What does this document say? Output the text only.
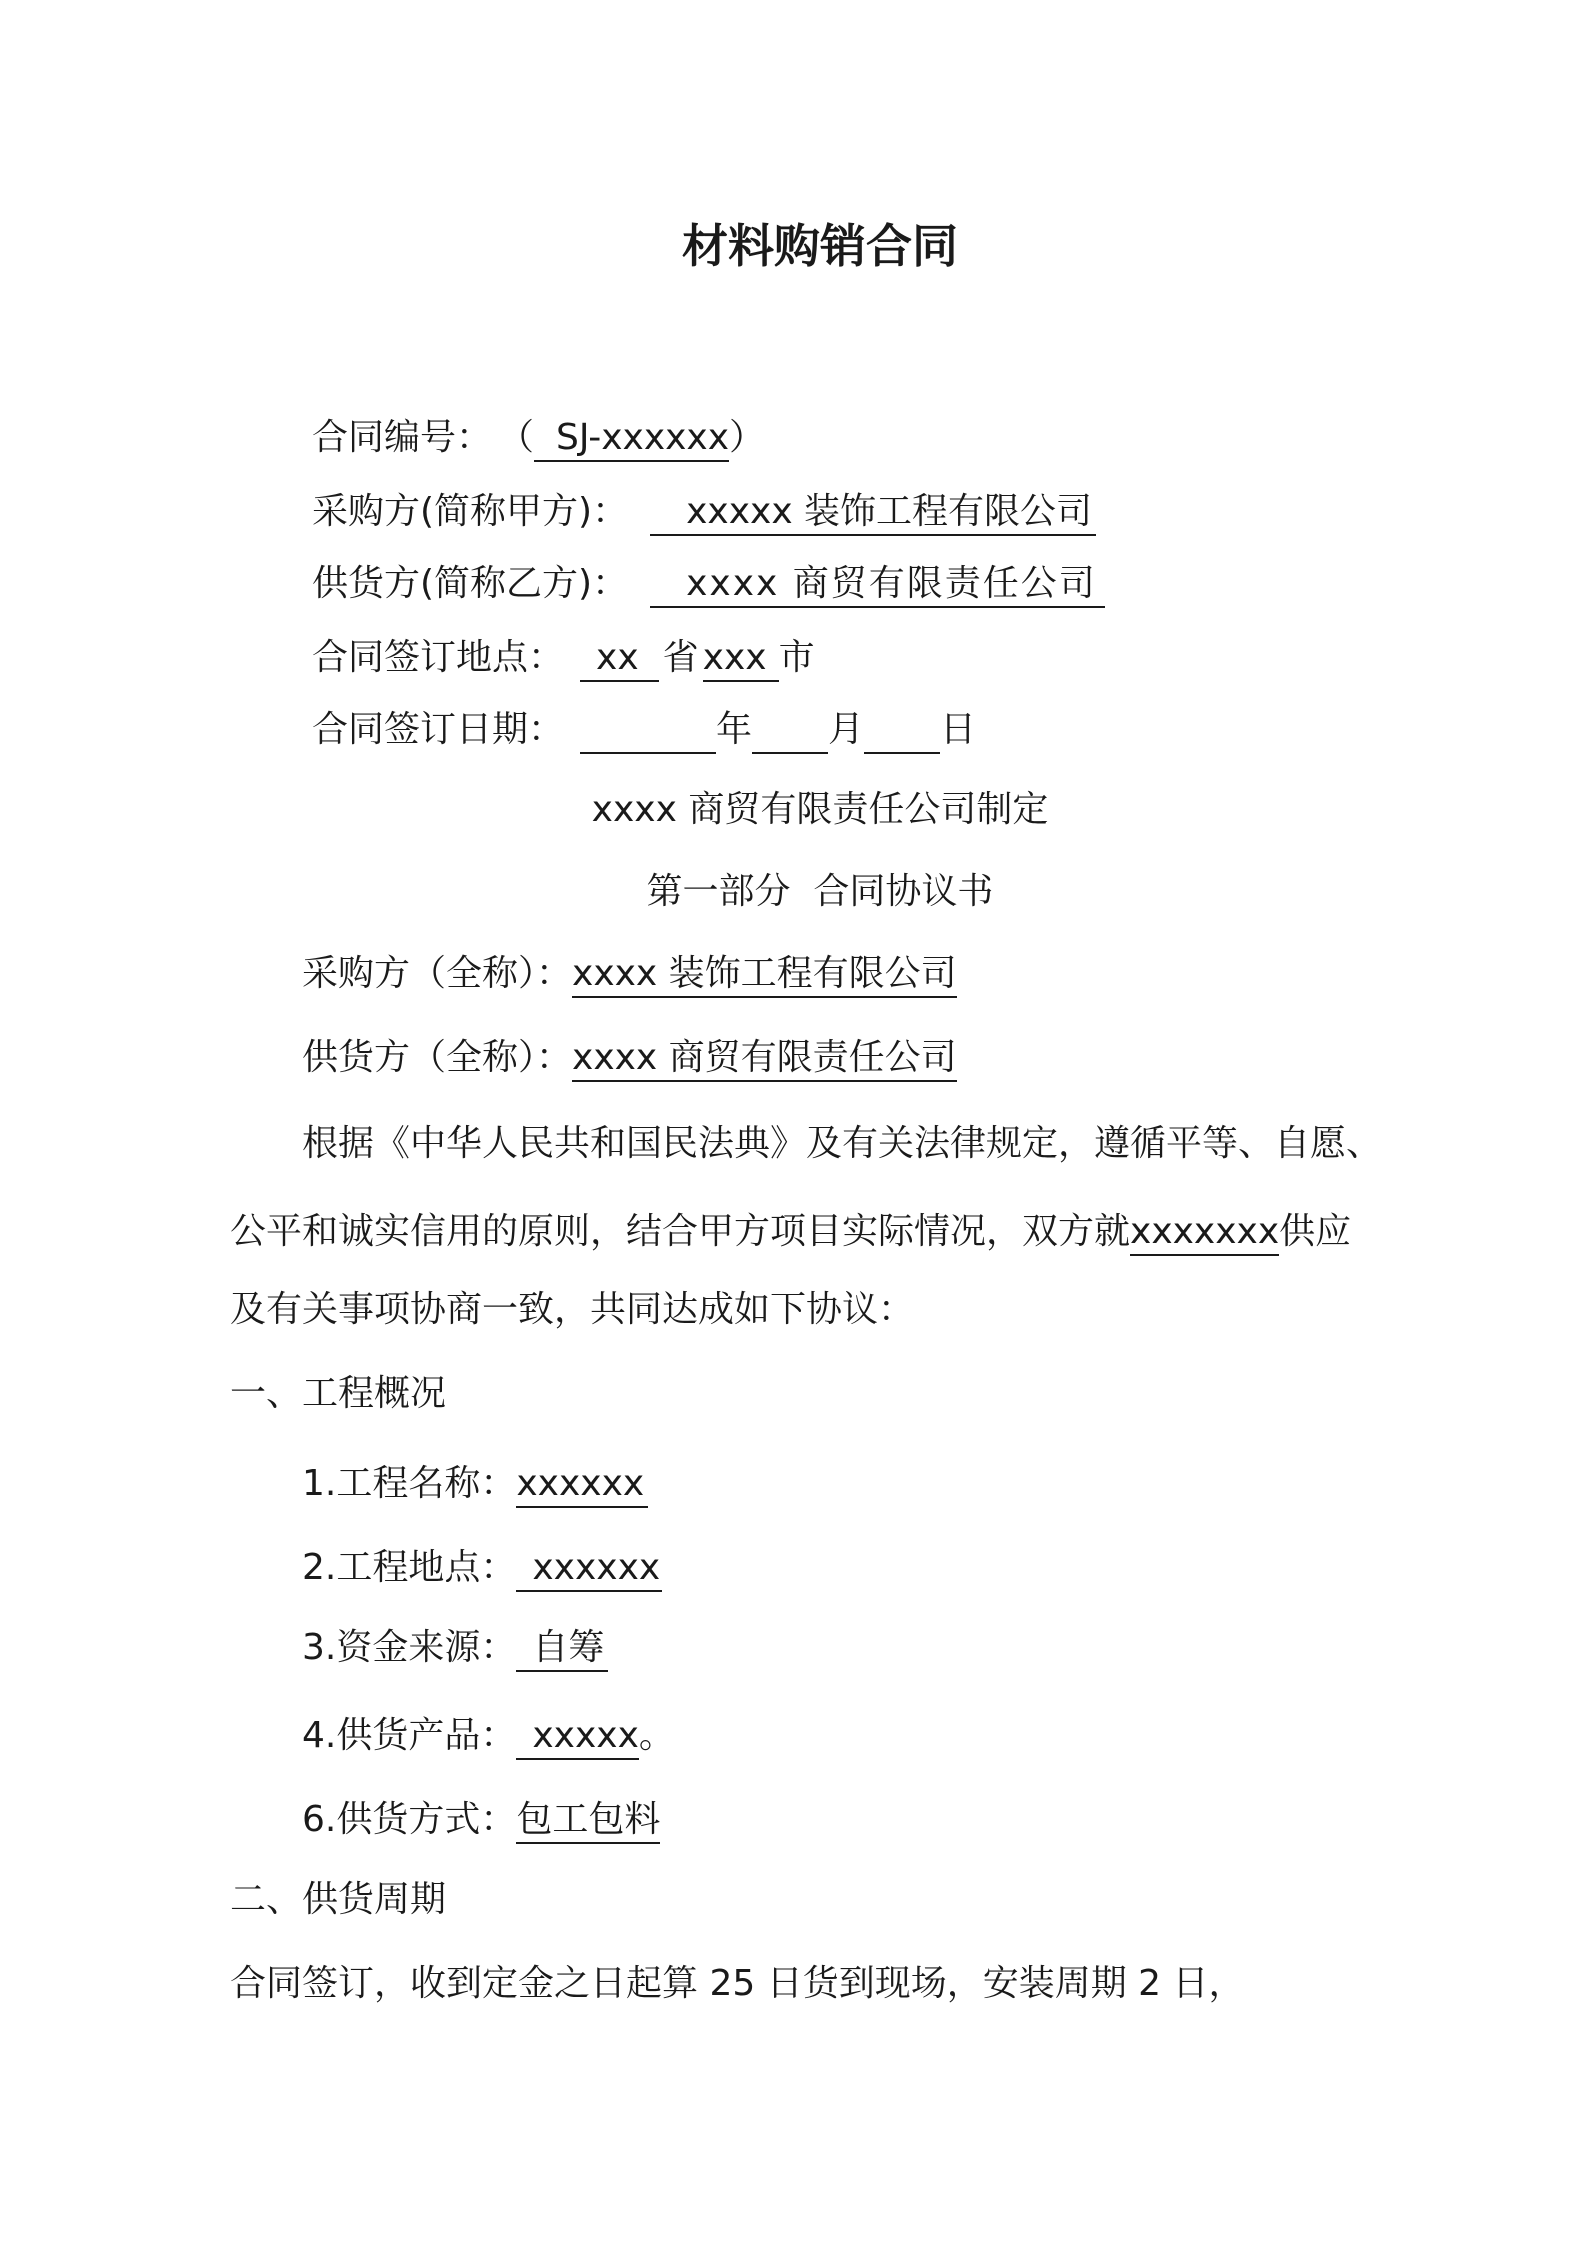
材料购销合同
合同编号： （ SJ-xxxxxx）
采购方(简称甲方)： xxxxx 装饰工程有限公司
供货方(简称乙方)： xxxx 商贸有限责任公司
合同签订地点： xx 省 xxx 市
合同签订日期：	年 月 日
xxxx 商贸有限责任公司制定
第一部分  合同协议书
采购方（全称）：xxxx 装饰工程有限公司
供货方（全称）：xxxx 商贸有限责任公司
根据《中华人民共和国民法典》及有关法律规定，遵循平等、自愿、
公平和诚实信用的原则，结合甲方项目实际情况，双方就xxxxxxx供应
及有关事项协商一致，共同达成如下协议：
一、工程概况
1.工程名称：xxxxxx
2.工程地点： xxxxxx
3.资金来源： 自筹
4.供货产品： xxxxx。
6.供货方式：包工包料
二、供货周期
合同签订，收到定金之日起算 25 日货到现场，安装周期 2 日，
